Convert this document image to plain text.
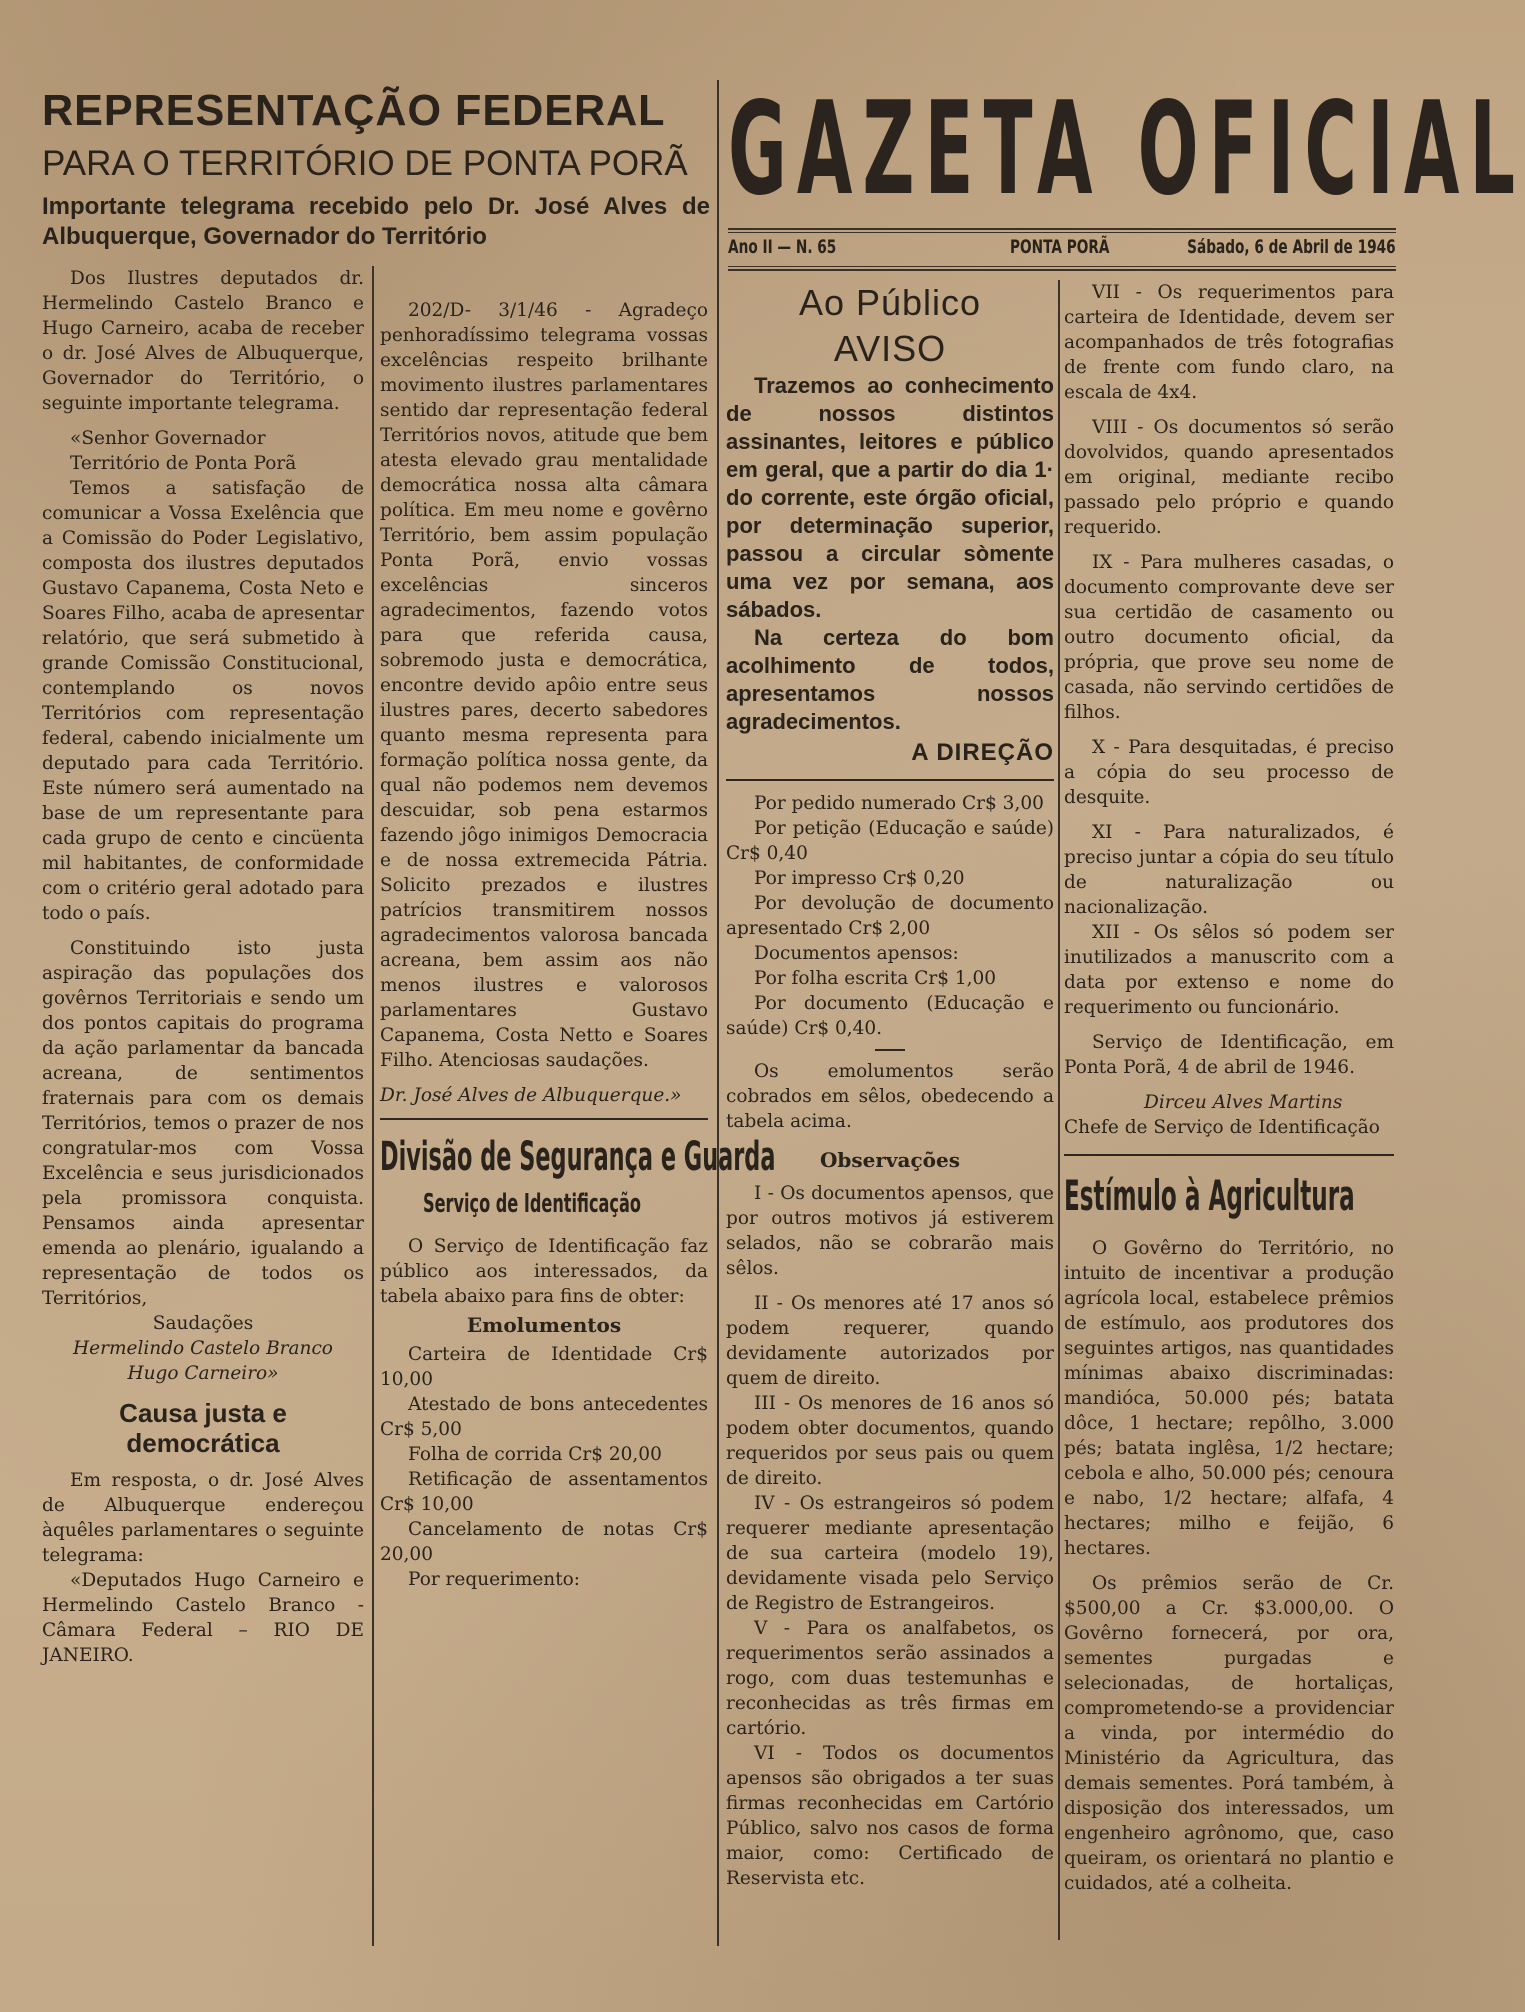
REPRESENTAÇÃO FEDERAL
PARA O TERRITÓRIO DE PONTA PORÃ
Importante telegrama recebido pelo Dr. José Alves de Albuquerque, Governador do Território
GAZETA OFICIAL
Ano II — N. 65	PONTA PORÃ	Sábado, 6 de Abril de 1946

Dos Ilustres deputados dr. Hermelindo Castelo Branco e Hugo Carneiro, acaba de receber o dr. José Alves de Albuquerque, Governador do Território, o seguinte importante telegrama.

«Senhor Governador

Território de Ponta Porã

Temos a satisfação de comunicar a Vossa Exelência que a Comissão do Poder Legislativo, composta dos ilustres deputados Gustavo Capanema, Costa Neto e Soares Filho, acaba de apresentar relatório, que será submetido à grande Comissão Constitucional, contemplando os novos Territórios com representação federal, cabendo inicialmente um deputado para cada Território. Este número será aumentado na base de um representante para cada grupo de cento e cincüenta mil habitantes, de conformidade com o critério geral adotado para todo o país.

Constituindo isto justa aspiração das populações dos govêrnos Territoriais e sendo um dos pontos capitais do programa da ação parlamentar da bancada acreana, de sentimentos fraternais para com os demais Territórios, temos o prazer de nos congratular-mos com Vossa Excelência e seus jurisdicionados pela promissora conquista. Pensamos ainda apresentar emenda ao plenário, igualando a representação de todos os Territórios,

Saudações

Hermelindo Castelo Branco

Hugo Carneiro»

Causa justa e democrática

Em resposta, o dr. José Alves de Albuquerque endereçou àquêles parlamentares o seguinte telegrama:

«Deputados Hugo Carneiro e Hermelindo Castelo Branco - Câmara Federal – RIO DE JANEIRO.

202/D- 3/1/46 - Agradeço penhoradíssimo telegrama vossas excelências respeito brilhante movimento ilustres parlamentares sentido dar representação federal Territórios novos, atitude que bem atesta elevado grau mentalidade democrática nossa alta câmara política. Em meu nome e govêrno Território, bem assim população Ponta Porã, envio vossas excelências sinceros agradecimentos, fazendo votos para que referida causa, sobremodo justa e democrática, encontre devido apôio entre seus ilustres pares, decerto sabedores quanto mesma representa para formação política nossa gente, da qual não podemos nem devemos descuidar, sob pena estarmos fazendo jôgo inimigos Democracia e de nossa extremecida Pátria. Solicito prezados e ilustres patrícios transmitirem nossos agradecimentos valorosa bancada acreana, bem assim aos não menos ilustres e valorosos parlamentares Gustavo Capanema, Costa Netto e Soares Filho. Atenciosas saudações.

Dr. José Alves de Albuquerque.»

Divisão de Segurança e Guarda
Serviço de Identificação

O Serviço de Identificação faz público aos interessados, da tabela abaixo para fins de obter:

Emolumentos

Carteira de Identidade Cr$ 10,00

Atestado de bons antecedentes Cr$ 5,00

Folha de corrida Cr$ 20,00

Retificação de assentamentos Cr$ 10,00

Cancelamento de notas Cr$ 20,00

Por requerimento:

Ao Público
AVISO

Trazemos ao conhecimento de nossos distintos assinantes, leitores e público em geral, que a partir do dia 1· do corrente, este órgão oficial, por determinação superior, passou a circular sòmente uma vez por semana, aos sábados.

Na certeza do bom acolhimento de todos, apresentamos nossos agradecimentos.

A DIREÇÃO

Por pedido numerado Cr$ 3,00

Por petição (Educação e saúde) Cr$ 0,40

Por impresso Cr$ 0,20

Por devolução de documento apresentado Cr$ 2,00

Documentos apensos:

Por folha escrita Cr$ 1,00

Por documento (Educação e saúde) Cr$ 0,40.

Os emolumentos serão cobrados em sêlos, obedecendo a tabela acima.

Observações

I - Os documentos apensos, que por outros motivos já estiverem selados, não se cobrarão mais sêlos.

II - Os menores até 17 anos só podem requerer, quando devidamente autorizados por quem de direito.

III - Os menores de 16 anos só podem obter documentos, quando requeridos por seus pais ou quem de direito.

IV - Os estrangeiros só podem requerer mediante apresentação de sua carteira (modelo 19), devidamente visada pelo Serviço de Registro de Estrangeiros.

V - Para os analfabetos, os requerimentos serão assinados a rogo, com duas testemunhas e reconhecidas as três firmas em cartório.

VI - Todos os documentos apensos são obrigados a ter suas firmas reconhecidas em Cartório Público, salvo nos casos de forma maior, como: Certificado de Reservista etc.

VII - Os requerimentos para carteira de Identidade, devem ser acompanhados de três fotografias de frente com fundo claro, na escala de 4x4.

VIII - Os documentos só serão dovolvidos, quando apresentados em original, mediante recibo passado pelo próprio e quando requerido.

IX - Para mulheres casadas, o documento comprovante deve ser sua certidão de casamento ou outro documento oficial, da própria, que prove seu nome de casada, não servindo certidões de filhos.

X - Para desquitadas, é preciso a cópia do seu processo de desquite.

XI - Para naturalizados, é preciso juntar a cópia do seu título de naturalização ou nacionalização.

XII - Os sêlos só podem ser inutilizados a manuscrito com a data por extenso e nome do requerimento ou funcionário.

Serviço de Identificação, em Ponta Porã, 4 de abril de 1946.

Dirceu Alves Martins

Chefe de Serviço de Identificação

Estímulo à Agricultura

O Govêrno do Território, no intuito de incentivar a produção agrícola local, estabelece prêmios de estímulo, aos produtores dos seguintes artigos, nas quantidades mínimas abaixo discriminadas: mandióca, 50.000 pés; batata dôce, 1 hectare; repôlho, 3.000 pés; batata inglêsa, 1/2 hectare; cebola e alho, 50.000 pés; cenoura e nabo, 1/2 hectare; alfafa, 4 hectares; milho e feijão, 6 hectares.

Os prêmios serão de Cr. $500,00 a Cr. $3.000,00. O Govêrno fornecerá, por ora, sementes purgadas e selecionadas, de hortaliças, comprometendo-se a providenciar a vinda, por intermédio do Ministério da Agricultura, das demais sementes. Porá também, à disposição dos interessados, um engenheiro agrônomo, que, caso queiram, os orientará no plantio e cuidados, até a colheita.
